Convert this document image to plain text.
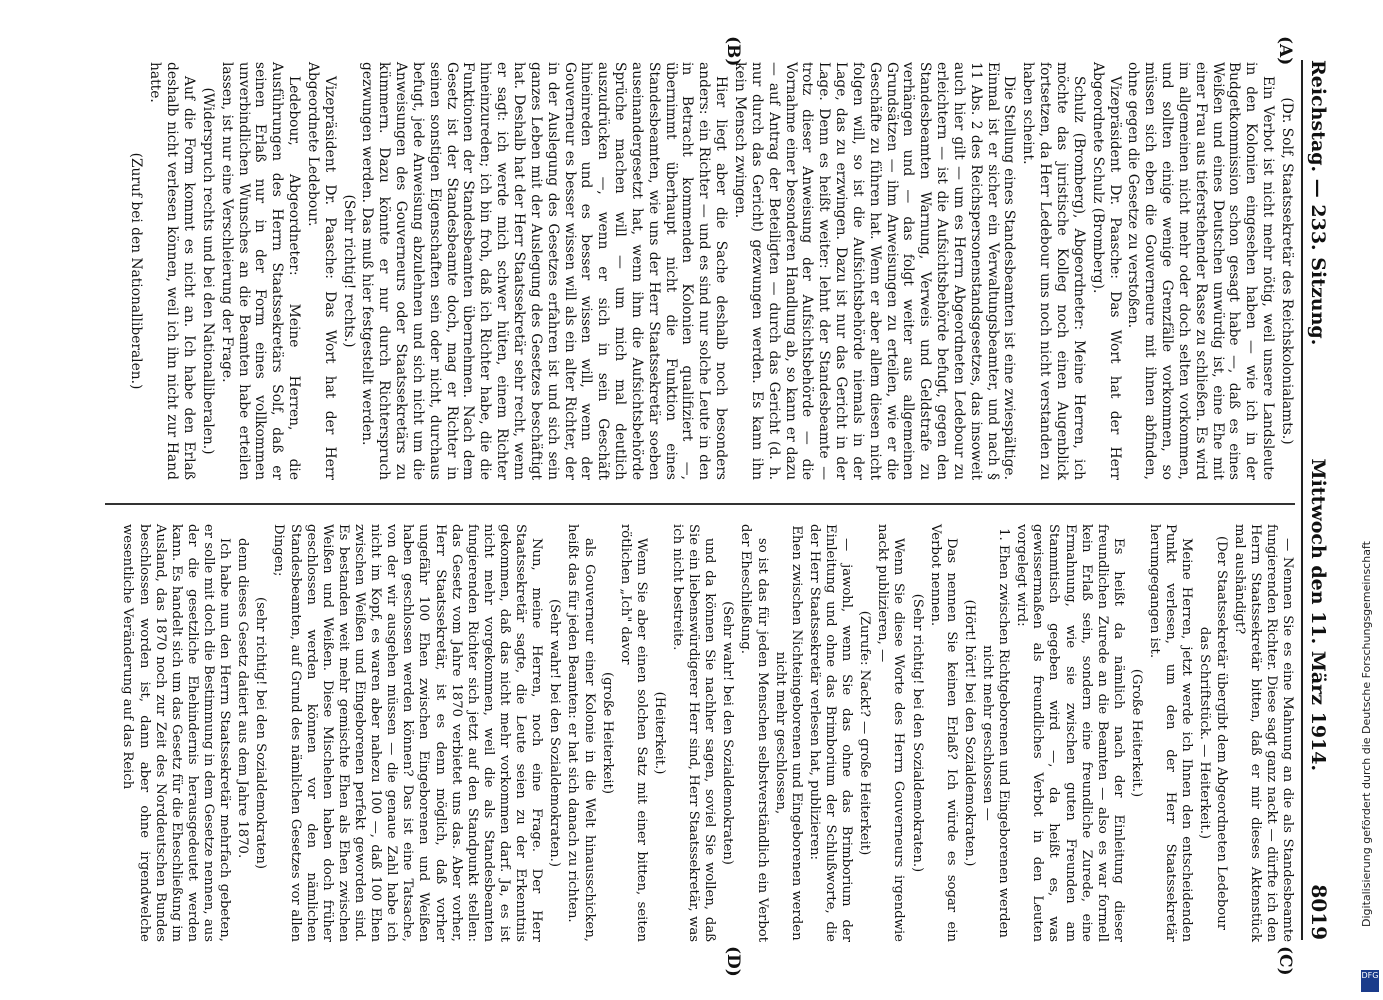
Reichstag. — 233. Sitzung.
Mittwoch den 11. März 1914.
8019
(A)
(B)
(C)
(D)

(Dr. Solf, Staatssekretär des Reichskolonialamts.)

Ein Verbot ist nicht mehr nötig, weil unsere Landsleute in den Kolonien eingesehen haben — wie ich in der Budgetkommission schon gesagt habe —, daß es eines Weißen und eines Deutschen unwürdig ist, eine Ehe mit einer Frau aus tieferstehender Rasse zu schließen. Es wird im allgemeinen nicht mehr oder doch selten vorkommen, und sollten einige wenige Grenzfälle vorkommen, so müssen sich eben die Gouverneure mit ihnen abfinden, ohne gegen die Gesetze zu verstoßen.

Vizepräsident Dr. Paasche: Das Wort hat der Herr Abgeordnete Schulz (Bromberg).

Schulz (Bromberg), Abgeordneter: Meine Herren, ich möchte das juristische Kolleg noch einen Augenblick fortsetzen, da Herr Ledebour uns noch nicht verstanden zu haben scheint.

Die Stellung eines Standesbeamten ist eine zwiespältige. Einmal ist er sicher ein Verwaltungsbeamter, und nach § 11 Abs. 2 des Reichspersonenstandsgesetzes, das insoweit auch hier gilt — um es Herrn Abgeordneten Ledebour zu erleichtern — ist die Aufsichtsbehörde befugt, gegen den Standesbeamten Warnung, Verweis und Geldstrafe zu verhängen und — das folgt weiter aus allgemeinen Grundsätzen — ihm Anweisungen zu erteilen, wie er die Geschäfte zu führen hat. Wenn er aber allem diesen nicht folgen will, so ist die Aufsichtsbehörde niemals in der Lage, das zu erzwingen. Dazu ist nur das Gericht in der Lage. Denn es heißt weiter: lehnt der Standesbeamte — trotz dieser Anweisung der Aufsichtsbehörde — die Vornahme einer besonderen Handlung ab, so kann er dazu — auf Antrag der Beteiligten — durch das Gericht (d. h. nur durch das Gericht) gezwungen werden. Es kann ihn kein Mensch zwingen.

Hier liegt aber die Sache deshalb noch besonders anders: ein Richter — und es sind nur solche Leute in den in Betracht kommenden Kolonien qualifiziert —, übernimmt überhaupt nicht die Funktion eines Standesbeamten, wie uns der Herr Staatssekretär soeben auseinandergesetzt hat, wenn ihm die Aufsichtsbehörde Sprüche machen will — um mich mal deutlich auszudrücken —, wenn er sich in sein Geschäft hineinreden und es besser wissen will, wenn der Gouverneur es besser wissen will als ein alter Richter, der in der Auslegung des Gesetzes erfahren ist und sich sein ganzes Leben mit der Auslegung des Gesetzes beschäftigt hat. Deshalb hat der Herr Staatssekretär sehr recht, wenn er sagt: ich werde mich schwer hüten, einem Richter hineinzureden; ich bin froh, daß ich Richter habe, die die Funktionen der Standesbeamten übernehmen. Nach dem Gesetz ist der Standesbeamte doch, mag er Richter in seinen sonstigen Eigenschaften sein oder nicht, durchaus befugt, jede Anweisung abzulehnen und sich nicht um die Anweisungen des Gouverneurs oder Staatssekretärs zu kümmern. Dazu könnte er nur durch Richterspruch gezwungen werden. Das muß hier festgestellt werden.

(Sehr richtig! rechts.)

Vizepräsident Dr. Paasche: Das Wort hat der Herr Abgeordnete Ledebour.

Ledebour, Abgeordneter: Meine Herren, die Ausführungen des Herrn Staatssekretärs Solf, daß er seinen Erlaß nur in der Form eines vollkommen unverbindlichen Wunsches an die Beamten habe erteilen lassen, ist nur eine Verschleierung der Frage.

(Widerspruch rechts und bei den Nationalliberalen.)

Auf die Form kommt es nicht an. Ich habe den Erlaß deshalb nicht verlesen können, weil ich ihn nicht zur Hand hatte.

(Zuruf bei den Nationalliberalen.)

— Nennen Sie es eine Mahnung an die als Standesbeamte fungierenden Richter. Diese sagt ganz nackt — dürfte ich den Herrn Staatssekretär bitten, daß er mir dieses Aktenstück mal aushändigt?

(Der Staatssekretär übergibt dem Abgeordneten Ledebour das Schriftstück. — Heiterkeit.)

Meine Herren, jetzt werde ich Ihnen den entscheidenden Punkt verlesen, um den der Herr Staatssekretär herumgegangen ist.

(Große Heiterkeit.)

Es heißt da nämlich nach der Einleitung dieser freundlichen Zurede an die Beamten — also es war formell kein Erlaß sein, sondern eine freundliche Zurede, eine Ermahnung, wie sie zwischen guten Freunden am Stammtisch gegeben wird —, da heißt es, was gewissermaßen als freundliches Verbot in den Leuten vorgelegt wird:

1. Ehen zwischen Richtgeborenen und Eingeborenen werden nicht mehr geschlossen —

(Hört! hört! bei den Sozialdemokraten.)

Das nennen Sie keinen Erlaß? Ich würde es sogar ein Verbot nennen.

(Sehr richtig! bei den Sozialdemokraten.)

Wenn Sie diese Worte des Herrn Gouverneurs irgendwie nackt publizieren, —

(Zurufe: Nackt? — große Heiterkeit)

— jawohl, wenn Sie das ohne das Brimborium der Einleitung und ohne das Brimborium der Schlußworte, die der Herr Staatssekretär verlesen hat, publizieren:

Ehen zwischen Nichteingeborenen und Eingeborenen werden nicht mehr geschlossen,

so ist das für jeden Menschen selbstverständlich ein Verbot der Eheschließung.

(Sehr wahr! bei den Sozialdemokraten)

und da können Sie nachher sagen, soviel Sie wollen, daß Sie ein liebenswürdigerer Herr sind, Herr Staatssekretär, was ich nicht bestreite.

(Heiterkeit.)

Wenn Sie aber einen solchen Satz mit einer bitten, seiten rötlichen „Ich" davor

(große Heiterkeit)

als Gouverneur einer Kolonie in die Welt hinausschicken, heißt das für jeden Beamten: er hat sich danach zu richten.

(Sehr wahr! bei den Sozialdemokraten.)

Nun, meine Herren, noch eine Frage. Der Herr Staatssekretär sagte, die Leute seien zu der Erkenntnis gekommen, daß das nicht mehr vorkommen darf. Ja, es ist nicht mehr vorgekommen, weil die als Standesbeamten fungierenden Richter sich jetzt auf den Standpunkt stellen: das Gesetz vom Jahre 1870 verbietet uns das. Aber vorher, Herr Staatssekretär, ist es denn möglich, daß vorher ungefähr 100 Ehen zwischen Eingeborenen und Weißen haben geschlossen werden können? Das ist eine Tatsache, von der wir ausgehen müssen — die genaue Zahl habe ich nicht im Kopf, es waren aber nahezu 100 —, daß 100 Ehen zwischen Weißen und Eingeborenen perfekt geworden sind. Es bestanden weit mehr gemischte Ehen als Ehen zwischen Weißen und Weißen. Diese Mischehen haben doch früher geschlossen werden können vor den nämlichen Standesbeamten, auf Grund des nämlichen Gesetzes vor allen Dingen;

(sehr richtig! bei den Sozialdemokraten)

denn dieses Gesetz datiert aus dem Jahre 1870.

Ich habe nun den Herrn Staatssekretär mehrfach gebeten, er solle mit doch die Bestimmung in dem Gesetze nennen, aus der die gesetzliche Ehehindernis herausgedeutet werden kann. Es handelt sich um das Gesetz für die Eheschließung im Ausland, das 1870 noch zur Zeit des Norddeutschen Bundes beschlossen worden ist, dann aber ohne irgendwelche wesentliche Veränderung auf das Reich	Digitalisierung gefördert durch die Deutsche Forschungsgemeinschaft
DFG
